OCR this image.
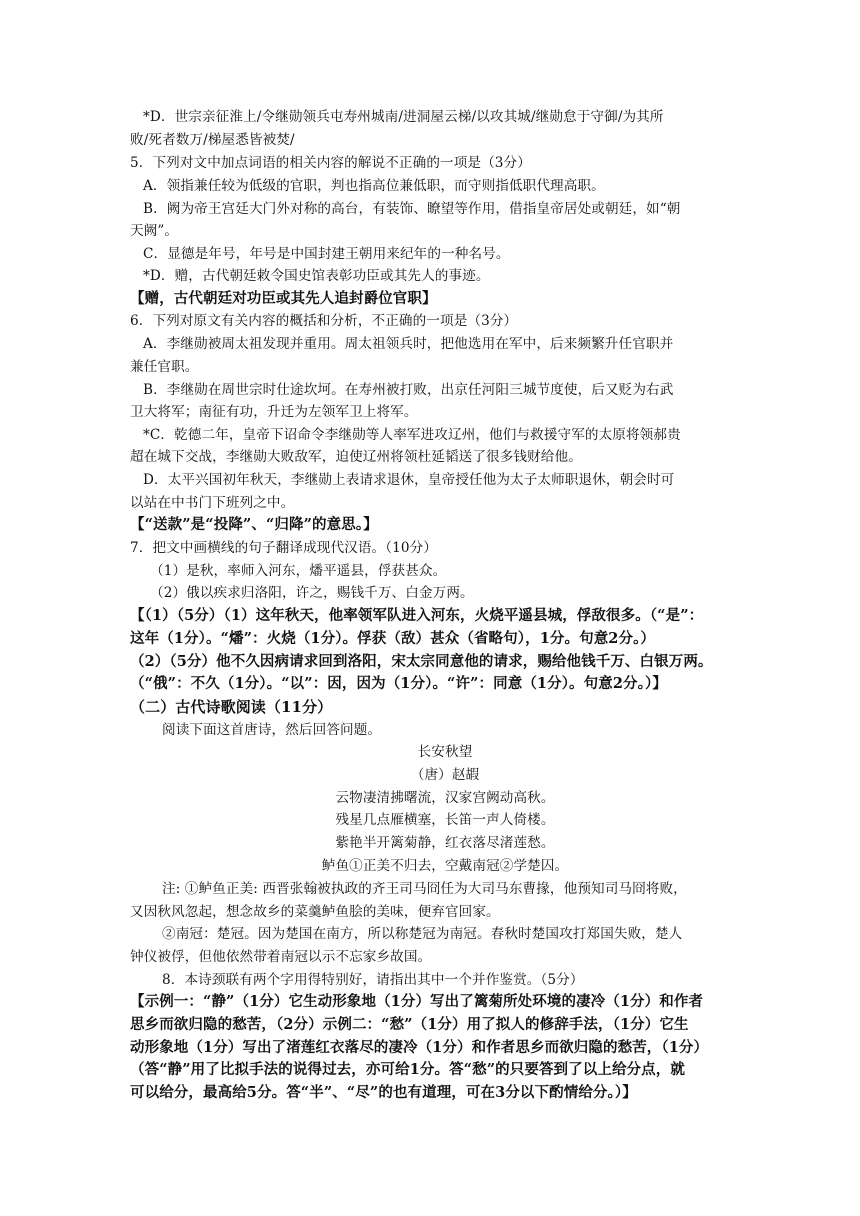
*D．世宗亲征淮上/令继勋领兵屯寿州城南/进洞屋云梯/以攻其城/继勋怠于守御/为其所
败/死者数万/梯屋悉皆被焚/
5．下列对文中加点词语的相关内容的解说不正确的一项是（3分）
A．领指兼任较为低级的官职，判也指高位兼低职，而守则指低职代理高职。
B．阙为帝王宫廷大门外对称的高台，有装饰、瞭望等作用，借指皇帝居处或朝廷，如“朝
天阙”。
C．显德是年号，年号是中国封建王朝用来纪年的一种名号。
*D．赠，古代朝廷敕令国史馆表彰功臣或其先人的事迹。
【赠，古代朝廷对功臣或其先人追封爵位官职】
6．下列对原文有关内容的概括和分析，不正确的一项是（3分）
A．李继勋被周太祖发现并重用。周太祖领兵时，把他选用在军中，后来频繁升任官职并
兼任官职。
B．李继勋在周世宗时仕途坎坷。在寿州被打败，出京任河阳三城节度使，后又贬为右武
卫大将军；南征有功，升迁为左领军卫上将军。
*C．乾德二年，皇帝下诏命令李继勋等人率军进攻辽州，他们与救援守军的太原将领郝贵
超在城下交战，李继勋大败敌军，迫使辽州将领杜延韬送了很多钱财给他。
D．太平兴国初年秋天，李继勋上表请求退休，皇帝授任他为太子太师职退休，朝会时可
以站在中书门下班列之中。
【“送款”是“投降”、“归降”的意思。】
7．把文中画横线的句子翻译成现代汉语。（10分）
（1）是秋，率师入河东，燔平遥县，俘获甚众。
（2）俄以疾求归洛阳，许之，赐钱千万、白金万两。
【（1）（5分）（1）这年秋天，他率领军队进入河东，火烧平遥县城，俘敌很多。（“是”：
这年（1分）。“燔”：火烧（1分）。俘获（敌）甚众（省略句），1分。句意2分。）
（2）（5分）他不久因病请求回到洛阳，宋太宗同意他的请求，赐给他钱千万、白银万两。
（“俄”：不久（1分）。“以”：因，因为（1分）。“许”：同意（1分）。句意2分。）】
（二）古代诗歌阅读（11分）
阅读下面这首唐诗，然后回答问题。
长安秋望
（唐）赵嘏
云物凄清拂曙流，汉家宫阙动高秋。
残星几点雁横塞，长笛一声人倚楼。
紫艳半开篱菊静，红衣落尽渚莲愁。
鲈鱼①正美不归去，空戴南冠②学楚囚。
注: ①鲈鱼正美: 西晋张翰被执政的齐王司马冏任为大司马东曹掾，他预知司马冏将败，
又因秋风忽起，想念故乡的菜羹鲈鱼脍的美味，便弃官回家。
②南冠：楚冠。因为楚国在南方，所以称楚冠为南冠。春秋时楚国攻打郑国失败，楚人
钟仪被俘，但他依然带着南冠以示不忘家乡故国。
8．本诗颈联有两个字用得特别好，请指出其中一个并作鉴赏。（5分）
【示例一：“静”（1分）它生动形象地（1分）写出了篱菊所处环境的凄冷（1分）和作者
思乡而欲归隐的愁苦，（2分）示例二：“愁”（1分）用了拟人的修辞手法，（1分）它生
动形象地（1分）写出了渚莲红衣落尽的凄冷（1分）和作者思乡而欲归隐的愁苦，（1分）
（答“静”用了比拟手法的说得过去，亦可给1分。答“愁”的只要答到了以上给分点，就
可以给分，最高给5分。答“半”、“尽”的也有道理，可在3分以下酌情给分。）】
